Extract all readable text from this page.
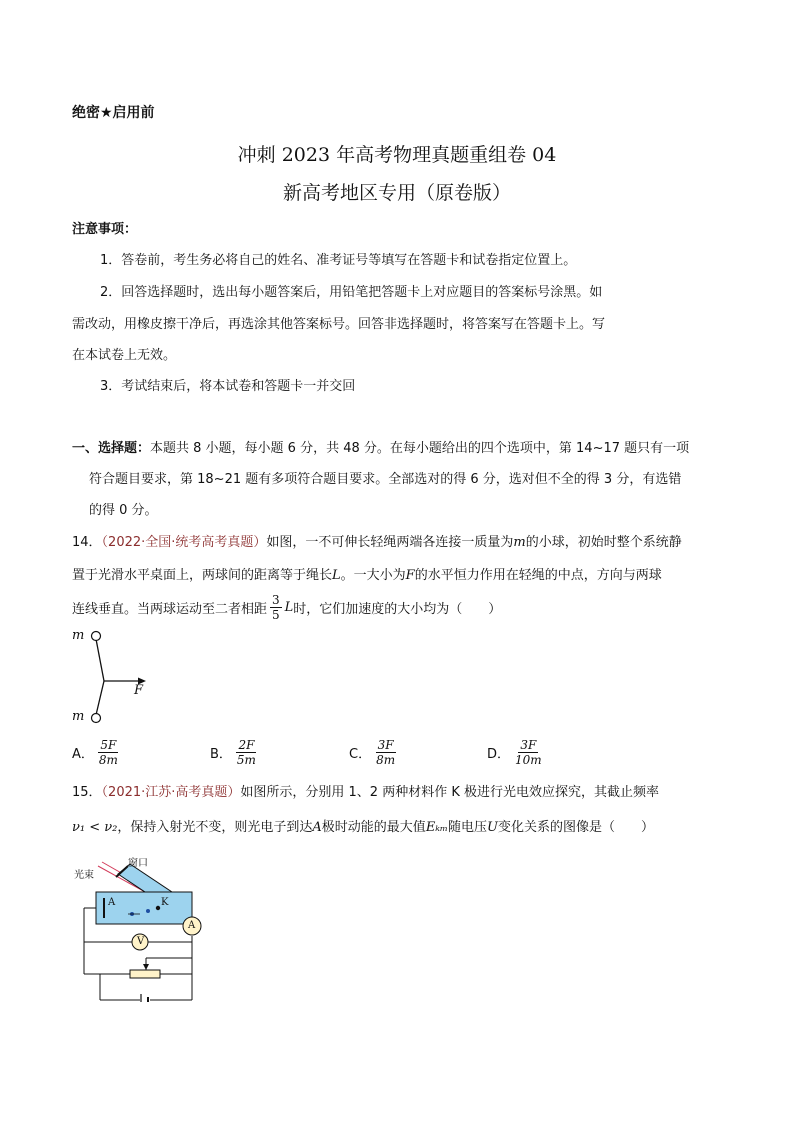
绝密★启用前
冲刺 2023 年高考物理真题重组卷 04
新高考地区专用（原卷版）
注意事项：
1．答卷前，考生务必将自己的姓名、准考证号等填写在答题卡和试卷指定位置上。
2．回答选择题时，选出每小题答案后，用铅笔把答题卡上对应题目的答案标号涂黑。如
需改动，用橡皮擦干净后，再选涂其他答案标号。回答非选择题时，将答案写在答题卡上。写
在本试卷上无效。
3．考试结束后，将本试卷和答题卡一并交回
一、选择题：本题共 8 小题，每小题 6 分，共 48 分。在每小题给出的四个选项中，第 14~17 题只有一项
符合题目要求，第 18~21 题有多项符合题目要求。全部选对的得 6 分，选对但不全的得 3 分，有选错
的得 0 分。
14．（2022·全国·统考高考真题）如图，一不可伸长轻绳两端各连接一质量为m的小球，初始时整个系统静
置于光滑水平桌面上，两球间的距离等于绳长L。一大小为F的水平恒力作用在轻绳的中点，方向与两球
连线垂直。当两球运动至二者相距 $\frac{3}{5}$ L 时，它们加速度的大小均为（　　）
m
m
F
A． $\frac{5F}{8m}$	B． $\frac{2F}{5m}$	C． $\frac{3F}{8m}$	D． $\frac{3F}{10m}$
15．（2021·江苏·高考真题）如图所示，分别用 1、2 两种材料作 K 极进行光电效应探究，其截止频率
ν₁ < ν₂，保持入射光不变，则光电子到达A极时动能的最大值Eₖₘ随电压U变化关系的图像是（　　）
光束
窗口
A	K
V
A
